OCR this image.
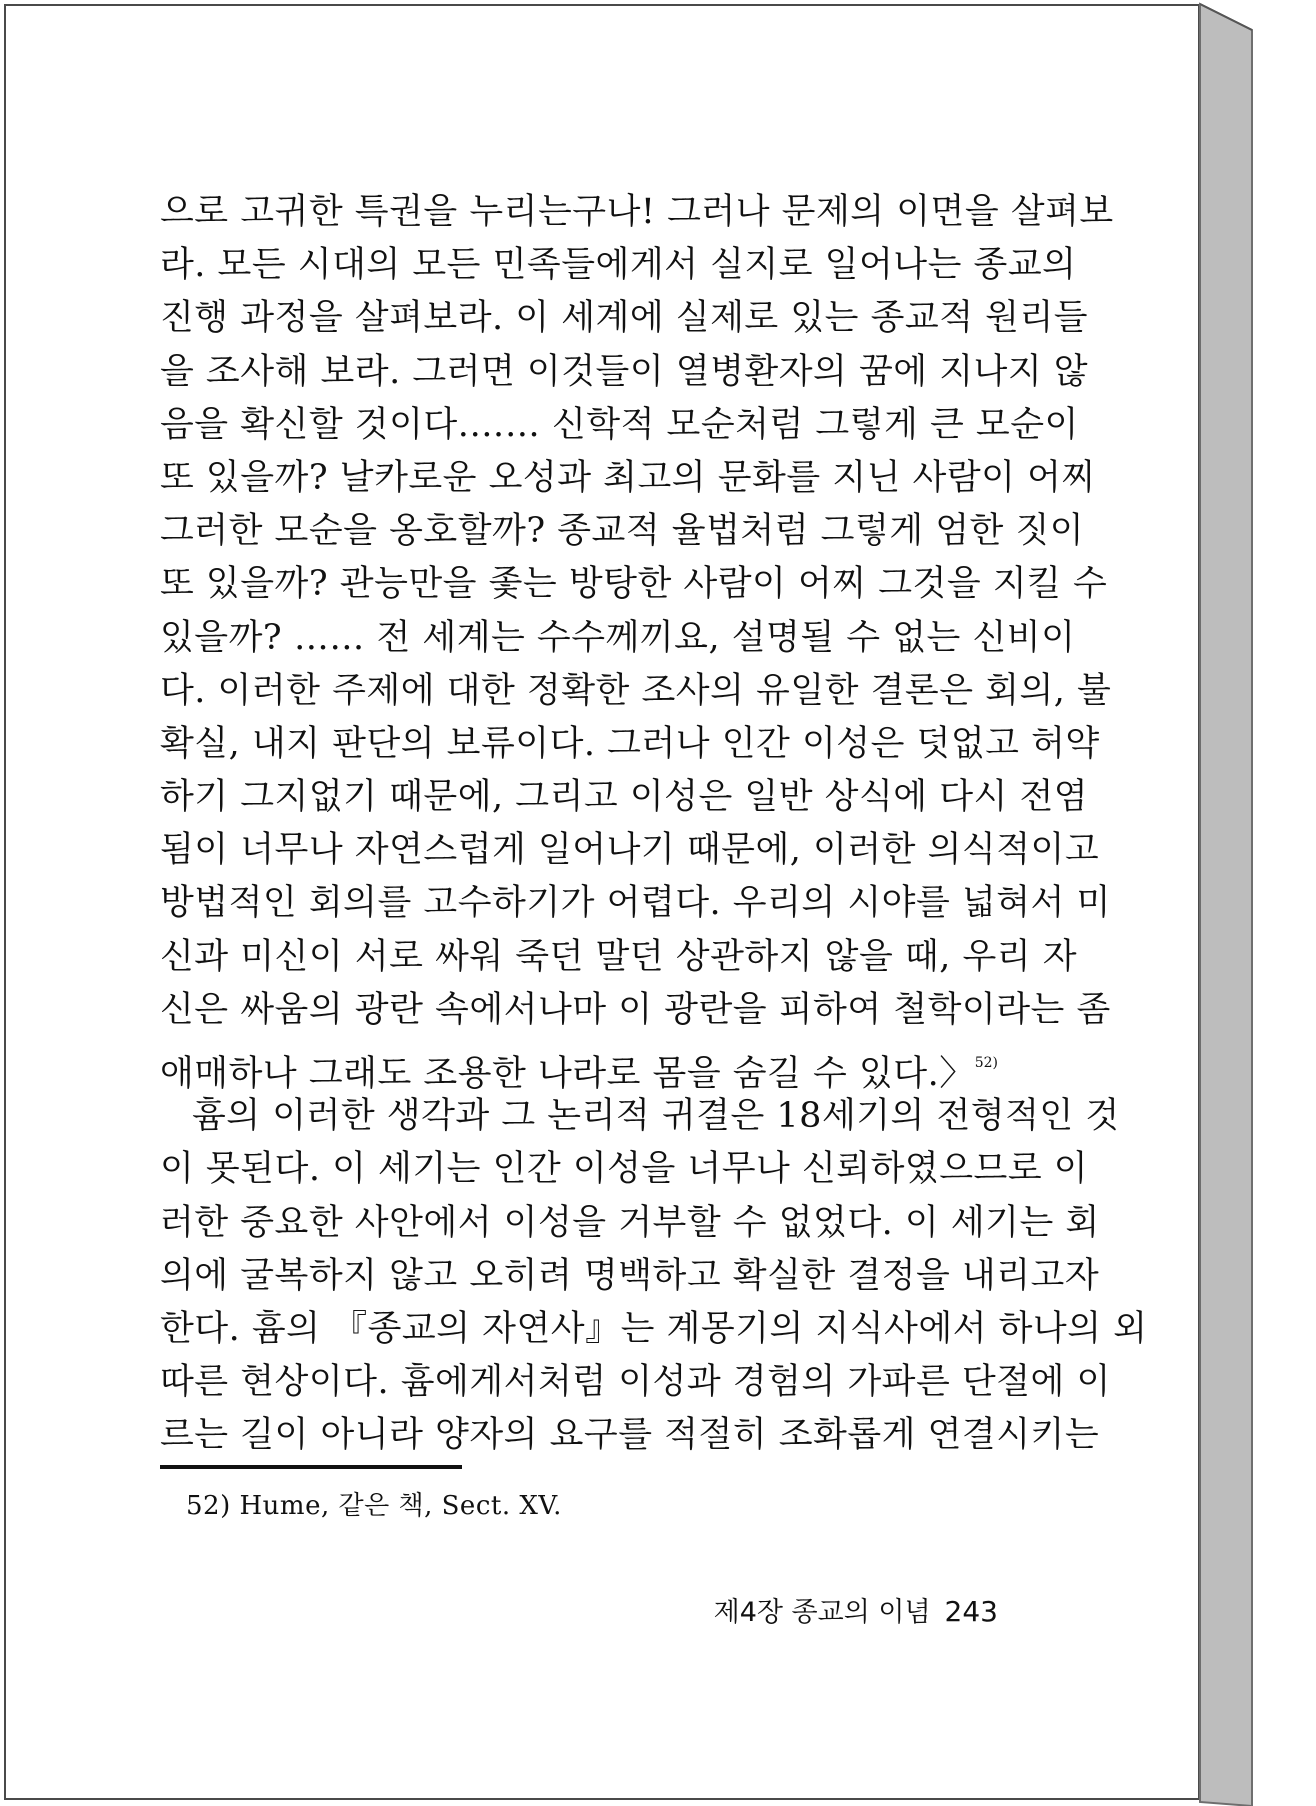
으로 고귀한 특권을 누리는구나! 그러나 문제의 이면을 살펴보
라. 모든 시대의 모든 민족들에게서 실지로 일어나는 종교의
진행 과정을 살펴보라. 이 세계에 실제로 있는 종교적 원리들
을 조사해 보라. 그러면 이것들이 열병환자의 꿈에 지나지 않
음을 확신할 것이다.…… 신학적 모순처럼 그렇게 큰 모순이
또 있을까? 날카로운 오성과 최고의 문화를 지닌 사람이 어찌
그러한 모순을 옹호할까? 종교적 율법처럼 그렇게 엄한 짓이
또 있을까? 관능만을 좇는 방탕한 사람이 어찌 그것을 지킬 수
있을까? …… 전 세계는 수수께끼요, 설명될 수 없는 신비이
다. 이러한 주제에 대한 정확한 조사의 유일한 결론은 회의, 불
확실, 내지 판단의 보류이다. 그러나 인간 이성은 덧없고 허약
하기 그지없기 때문에, 그리고 이성은 일반 상식에 다시 전염
됨이 너무나 자연스럽게 일어나기 때문에, 이러한 의식적이고
방법적인 회의를 고수하기가 어렵다. 우리의 시야를 넓혀서 미
신과 미신이 서로 싸워 죽던 말던 상관하지 않을 때, 우리 자
신은 싸움의 광란 속에서나마 이 광란을 피하여 철학이라는 좀
애매하나 그래도 조용한 나라로 몸을 숨길 수 있다.〉$^{52)}$
흄의 이러한 생각과 그 논리적 귀결은 18세기의 전형적인 것
이 못된다. 이 세기는 인간 이성을 너무나 신뢰하였으므로 이
러한 중요한 사안에서 이성을 거부할 수 없었다. 이 세기는 회
의에 굴복하지 않고 오히려 명백하고 확실한 결정을 내리고자
한다. 흄의 『종교의 자연사』는 계몽기의 지식사에서 하나의 외
따른 현상이다. 흄에게서처럼 이성과 경험의 가파른 단절에 이
르는 길이 아니라 양자의 요구를 적절히 조화롭게 연결시키는
52) Hume, 같은 책, Sect. XV.
제4장 종교의 이념 243
